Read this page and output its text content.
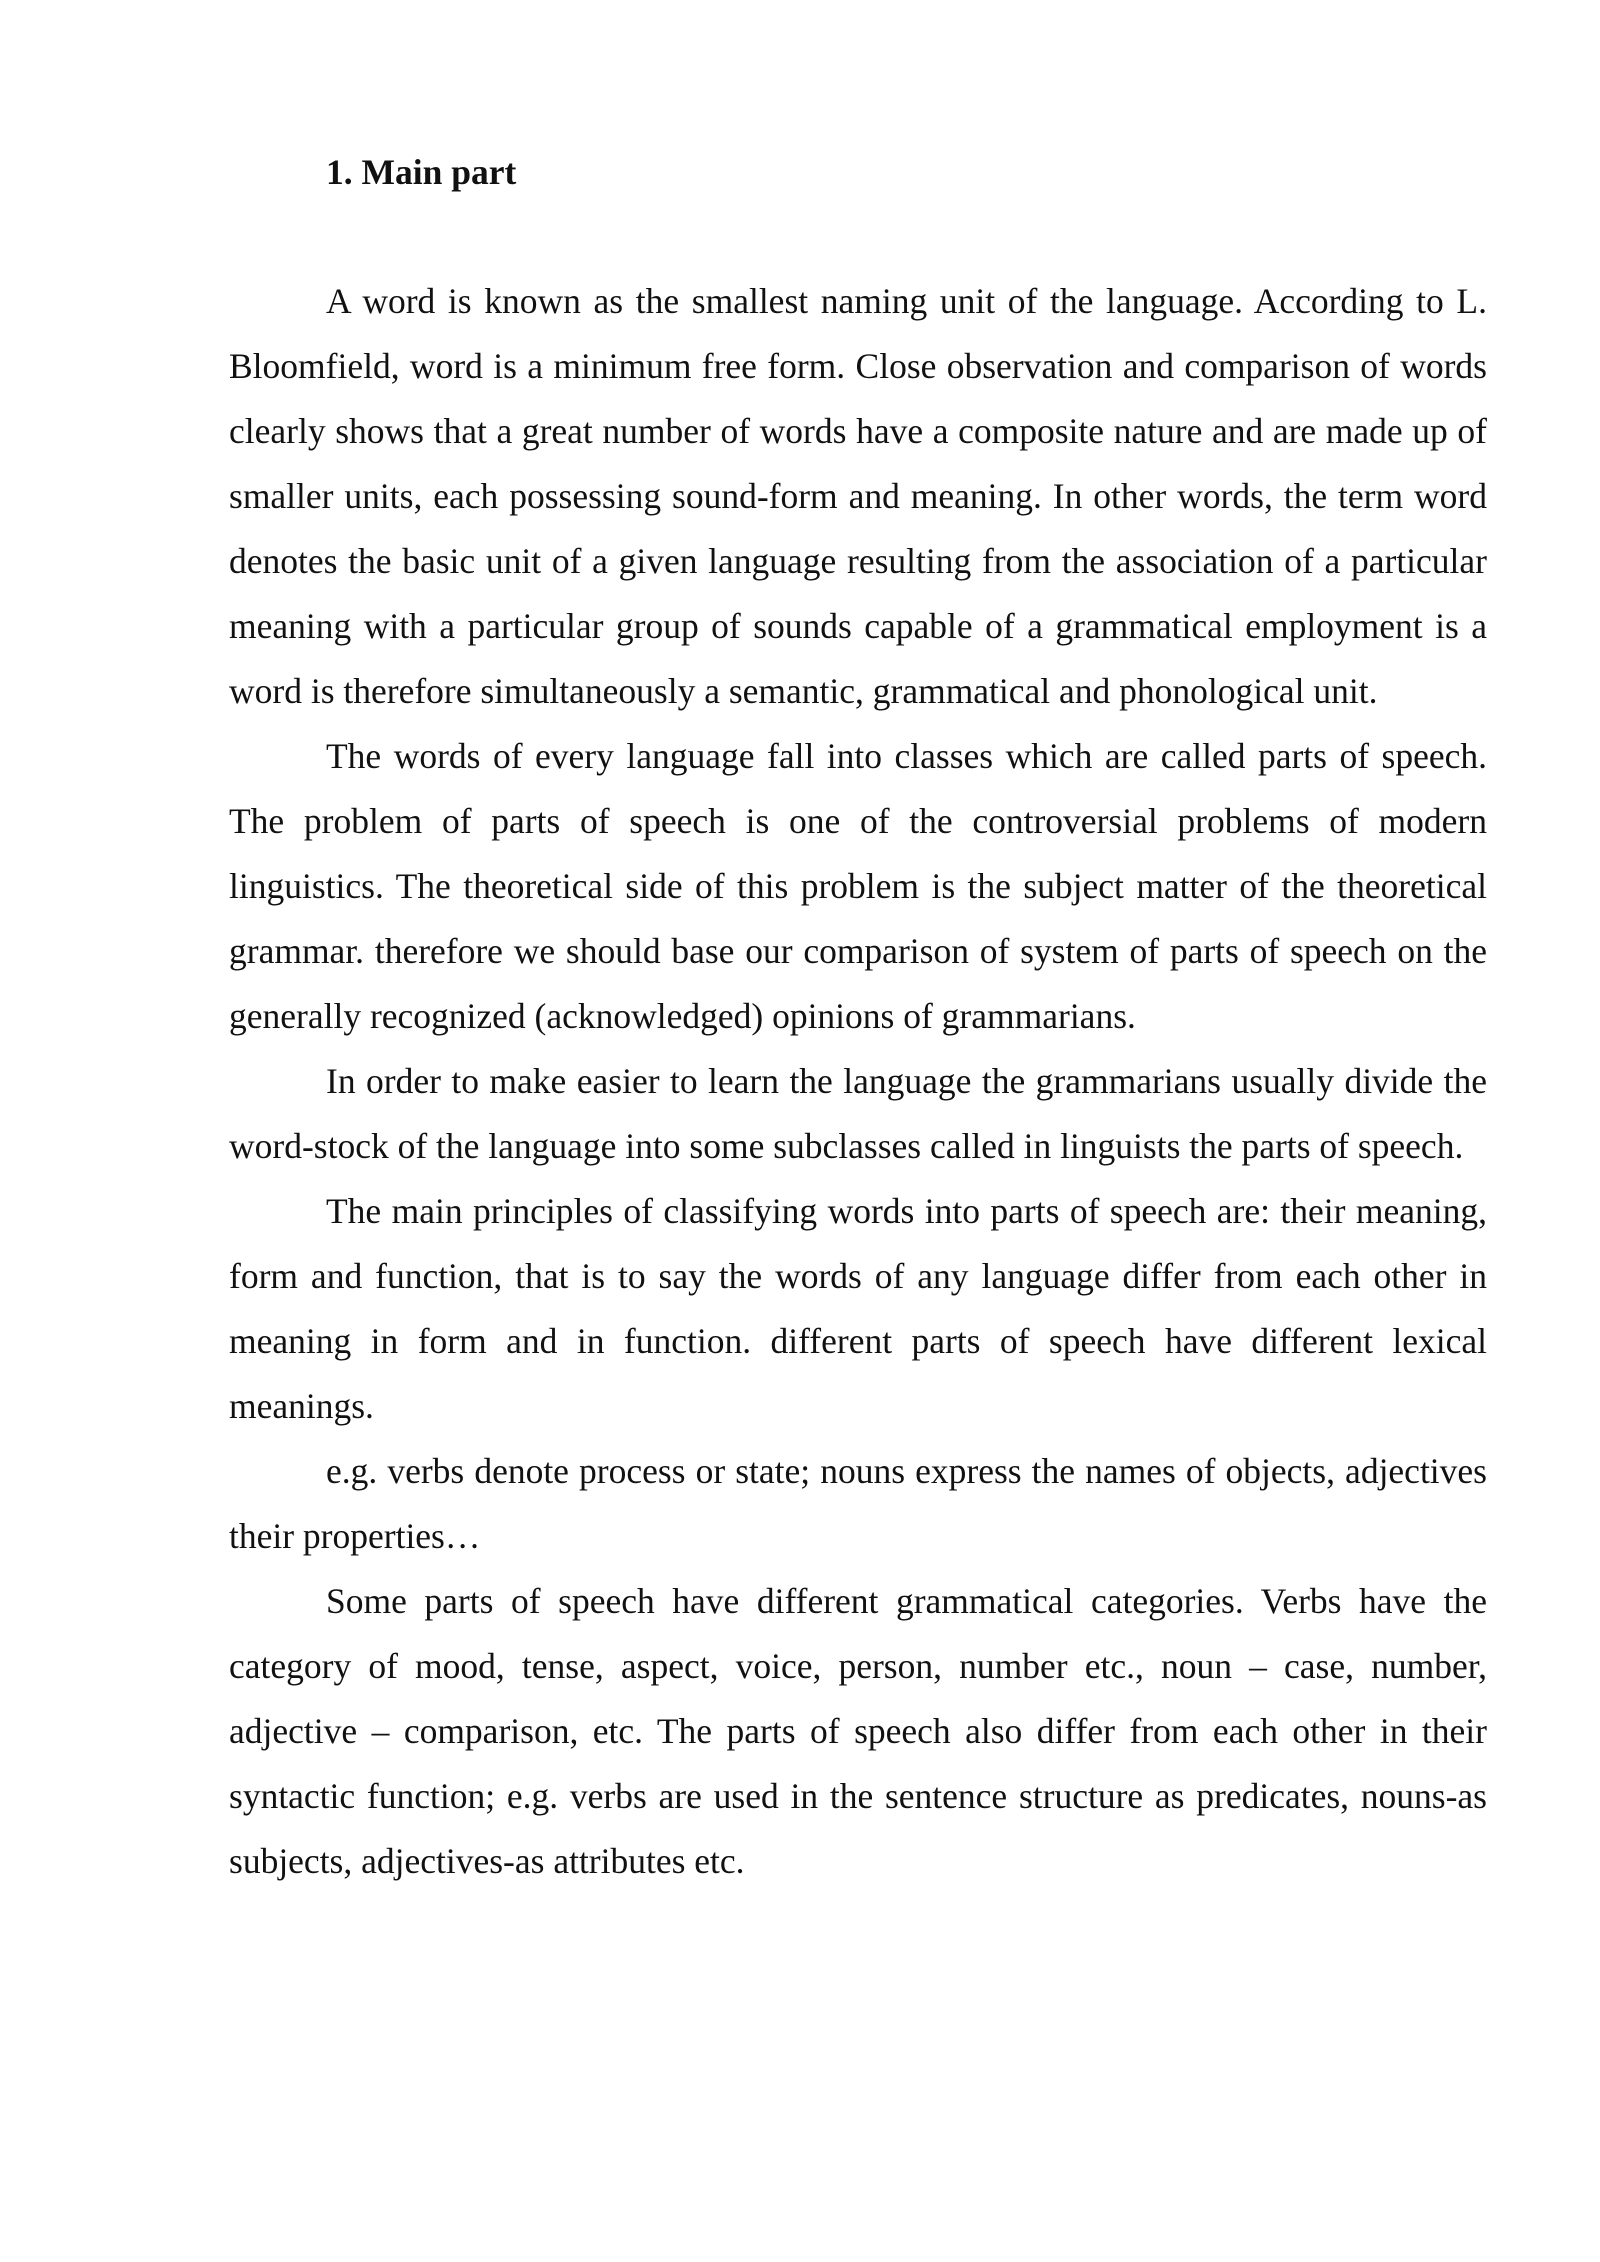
1. Main part

A word is known as the smallest naming unit of the language. According to L. Bloomfield, word is a minimum free form. Close observation and comparison of words clearly shows that a great number of words have a composite nature and are made up of smaller units, each possessing sound-form and meaning. In other words, the term word denotes the basic unit of a given language resulting from the association of a particular meaning with a particular group of sounds capable of a grammatical employment is a word is therefore simultaneously a semantic, grammatical and phonological unit.

The words of every language fall into classes which are called parts of speech. The problem of parts of speech is one of the controversial problems of modern linguistics. The theoretical side of this problem is the subject matter of the theoretical grammar. therefore we should base our comparison of system of parts of speech on the generally recognized (acknowledged) opinions of grammarians.

In order to make easier to learn the language the grammarians usually divide the word-stock of the language into some subclasses called in linguists the parts of speech.

The main principles of classifying words into parts of speech are: their meaning, form and function, that is to say the words of any language differ from each other in meaning in form and in function. different parts of speech have different lexical meanings.

e.g. verbs denote process or state; nouns express the names of objects, adjectives their properties…

Some parts of speech have different grammatical categories. Verbs have the category of mood, tense, aspect, voice, person, number etc., noun – case, number, adjective – comparison, etc. The parts of speech also differ from each other in their syntactic function; e.g. verbs are used in the sentence structure as predicates, nouns-as subjects, adjectives-as attributes etc.
